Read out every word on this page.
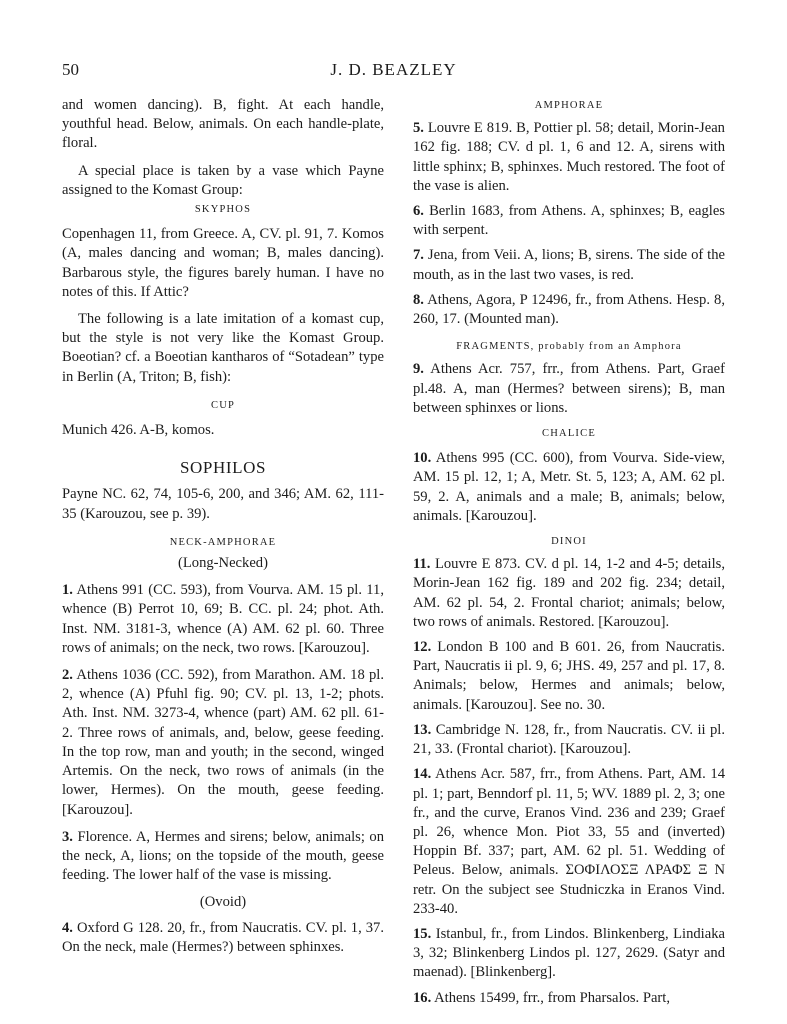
50	J. D. BEAZLEY

and women dancing). B, fight. At each handle, youthful head. Below, animals. On each handle-plate, floral.

A special place is taken by a vase which Payne assigned to the Komast Group:

SKYPHOS

Copenhagen 11, from Greece. A, CV. pl. 91, 7. Komos (A, males dancing and woman; B, males dancing). Barbarous style, the figures barely human. I have no notes of this. If Attic?

The following is a late imitation of a komast cup, but the style is not very like the Komast Group. Boeotian? cf. a Boeotian kantharos of “Sotadean” type in Berlin (A, Triton; B, fish):

CUP

Munich 426. A-B, komos.

SOPHILOS

Payne NC. 62, 74, 105-6, 200, and 346; AM. 62, 111-35 (Karouzou, see p. 39).

NECK-AMPHORAE

(Long-Necked)

1. Athens 991 (CC. 593), from Vourva. AM. 15 pl. 11, whence (B) Perrot 10, 69; B. CC. pl. 24; phot. Ath. Inst. NM. 3181-3, whence (A) AM. 62 pl. 60. Three rows of animals; on the neck, two rows. [Karouzou].

2. Athens 1036 (CC. 592), from Marathon. AM. 18 pl. 2, whence (A) Pfuhl fig. 90; CV. pl. 13, 1-2; phots. Ath. Inst. NM. 3273-4, whence (part) AM. 62 pll. 61-2. Three rows of animals, and, below, geese feeding. In the top row, man and youth; in the second, winged Artemis. On the neck, two rows of animals (in the lower, Hermes). On the mouth, geese feeding. [Karouzou].

3. Florence. A, Hermes and sirens; below, animals; on the neck, A, lions; on the topside of the mouth, geese feeding. The lower half of the vase is missing.

(Ovoid)

4. Oxford G 128. 20, fr., from Naucratis. CV. pl. 1, 37. On the neck, male (Hermes?) between sphinxes.

AMPHORAE

5. Louvre E 819. B, Pottier pl. 58; detail, Morin-Jean 162 fig. 188; CV. d pl. 1, 6 and 12. A, sirens with little sphinx; B, sphinxes. Much restored. The foot of the vase is alien.

6. Berlin 1683, from Athens. A, sphinxes; B, eagles with serpent.

7. Jena, from Veii. A, lions; B, sirens. The side of the mouth, as in the last two vases, is red.

8. Athens, Agora, P 12496, fr., from Athens. Hesp. 8, 260, 17. (Mounted man).

FRAGMENTS, probably from an Amphora

9. Athens Acr. 757, frr., from Athens. Part, Graef pl.48. A, man (Hermes? between sirens); B, man between sphinxes or lions.

CHALICE

10. Athens 995 (CC. 600), from Vourva. Side-view, AM. 15 pl. 12, 1; A, Metr. St. 5, 123; A, AM. 62 pl. 59, 2. A, animals and a male; B, animals; below, animals. [Karouzou].

DINOI

11. Louvre E 873. CV. d pl. 14, 1-2 and 4-5; details, Morin-Jean 162 fig. 189 and 202 fig. 234; detail, AM. 62 pl. 54, 2. Frontal chariot; animals; below, two rows of animals. Restored. [Karouzou].

12. London B 100 and B 601. 26, from Naucratis. Part, Naucratis ii pl. 9, 6; JHS. 49, 257 and pl. 17, 8. Animals; below, Hermes and animals; below, animals. [Karouzou]. See no. 30.

13. Cambridge N. 128, fr., from Naucratis. CV. ii pl. 21, 33. (Frontal chariot). [Karouzou].

14. Athens Acr. 587, frr., from Athens. Part, AM. 14 pl. 1; part, Benndorf pl. 11, 5; WV. 1889 pl. 2, 3; one fr., and the curve, Eranos Vind. 236 and 239; Graef pl. 26, whence Mon. Piot 33, 55 and (inverted) Hoppin Bf. 337; part, AM. 62 pl. 51. Wedding of Peleus. Below, animals. ΣΟΦΙΛΟΣΞ ΛΡΑΦΣ Ξ Ν retr. On the subject see Studniczka in Eranos Vind. 233-40.

15. Istanbul, fr., from Lindos. Blinkenberg, Lindiaka 3, 32; Blinkenberg Lindos pl. 127, 2629. (Satyr and maenad). [Blinkenberg].

16. Athens 15499, frr., from Pharsalos. Part,
